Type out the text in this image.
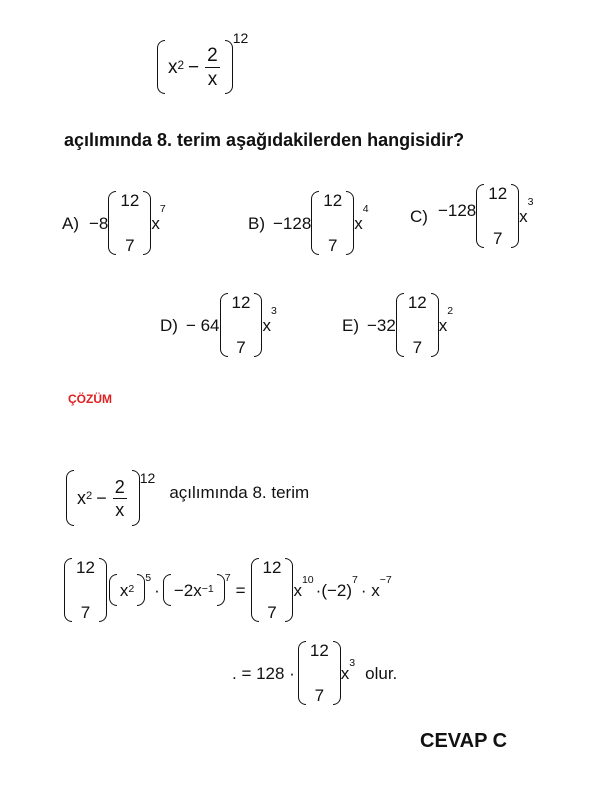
$x^2 - \frac{2}{x}$
$^{12}$
açılımında 8. terim aşağıdakilerden hangisidir?
A) −8
12
7
x
$^7$
B) −128
12
7
x
$^4$ C) −128
12
7
x
$^3$
D) − 64
12
7
x
$^3$
E) −32
12
7
x
$^2$
ÇÖZÜM
$x^2 - \frac{2}{x} ^{12}$
açılımında 8. terim
12
7
$x^2$
$^5$
· $-2x^{-1}$
$^7$
=
12
7
x
$^{10}$
·(−2)
$^7$
· x
$^{-7}$
. = 128 ·
12
7
x
$^3$
olur.
CEVAP C
